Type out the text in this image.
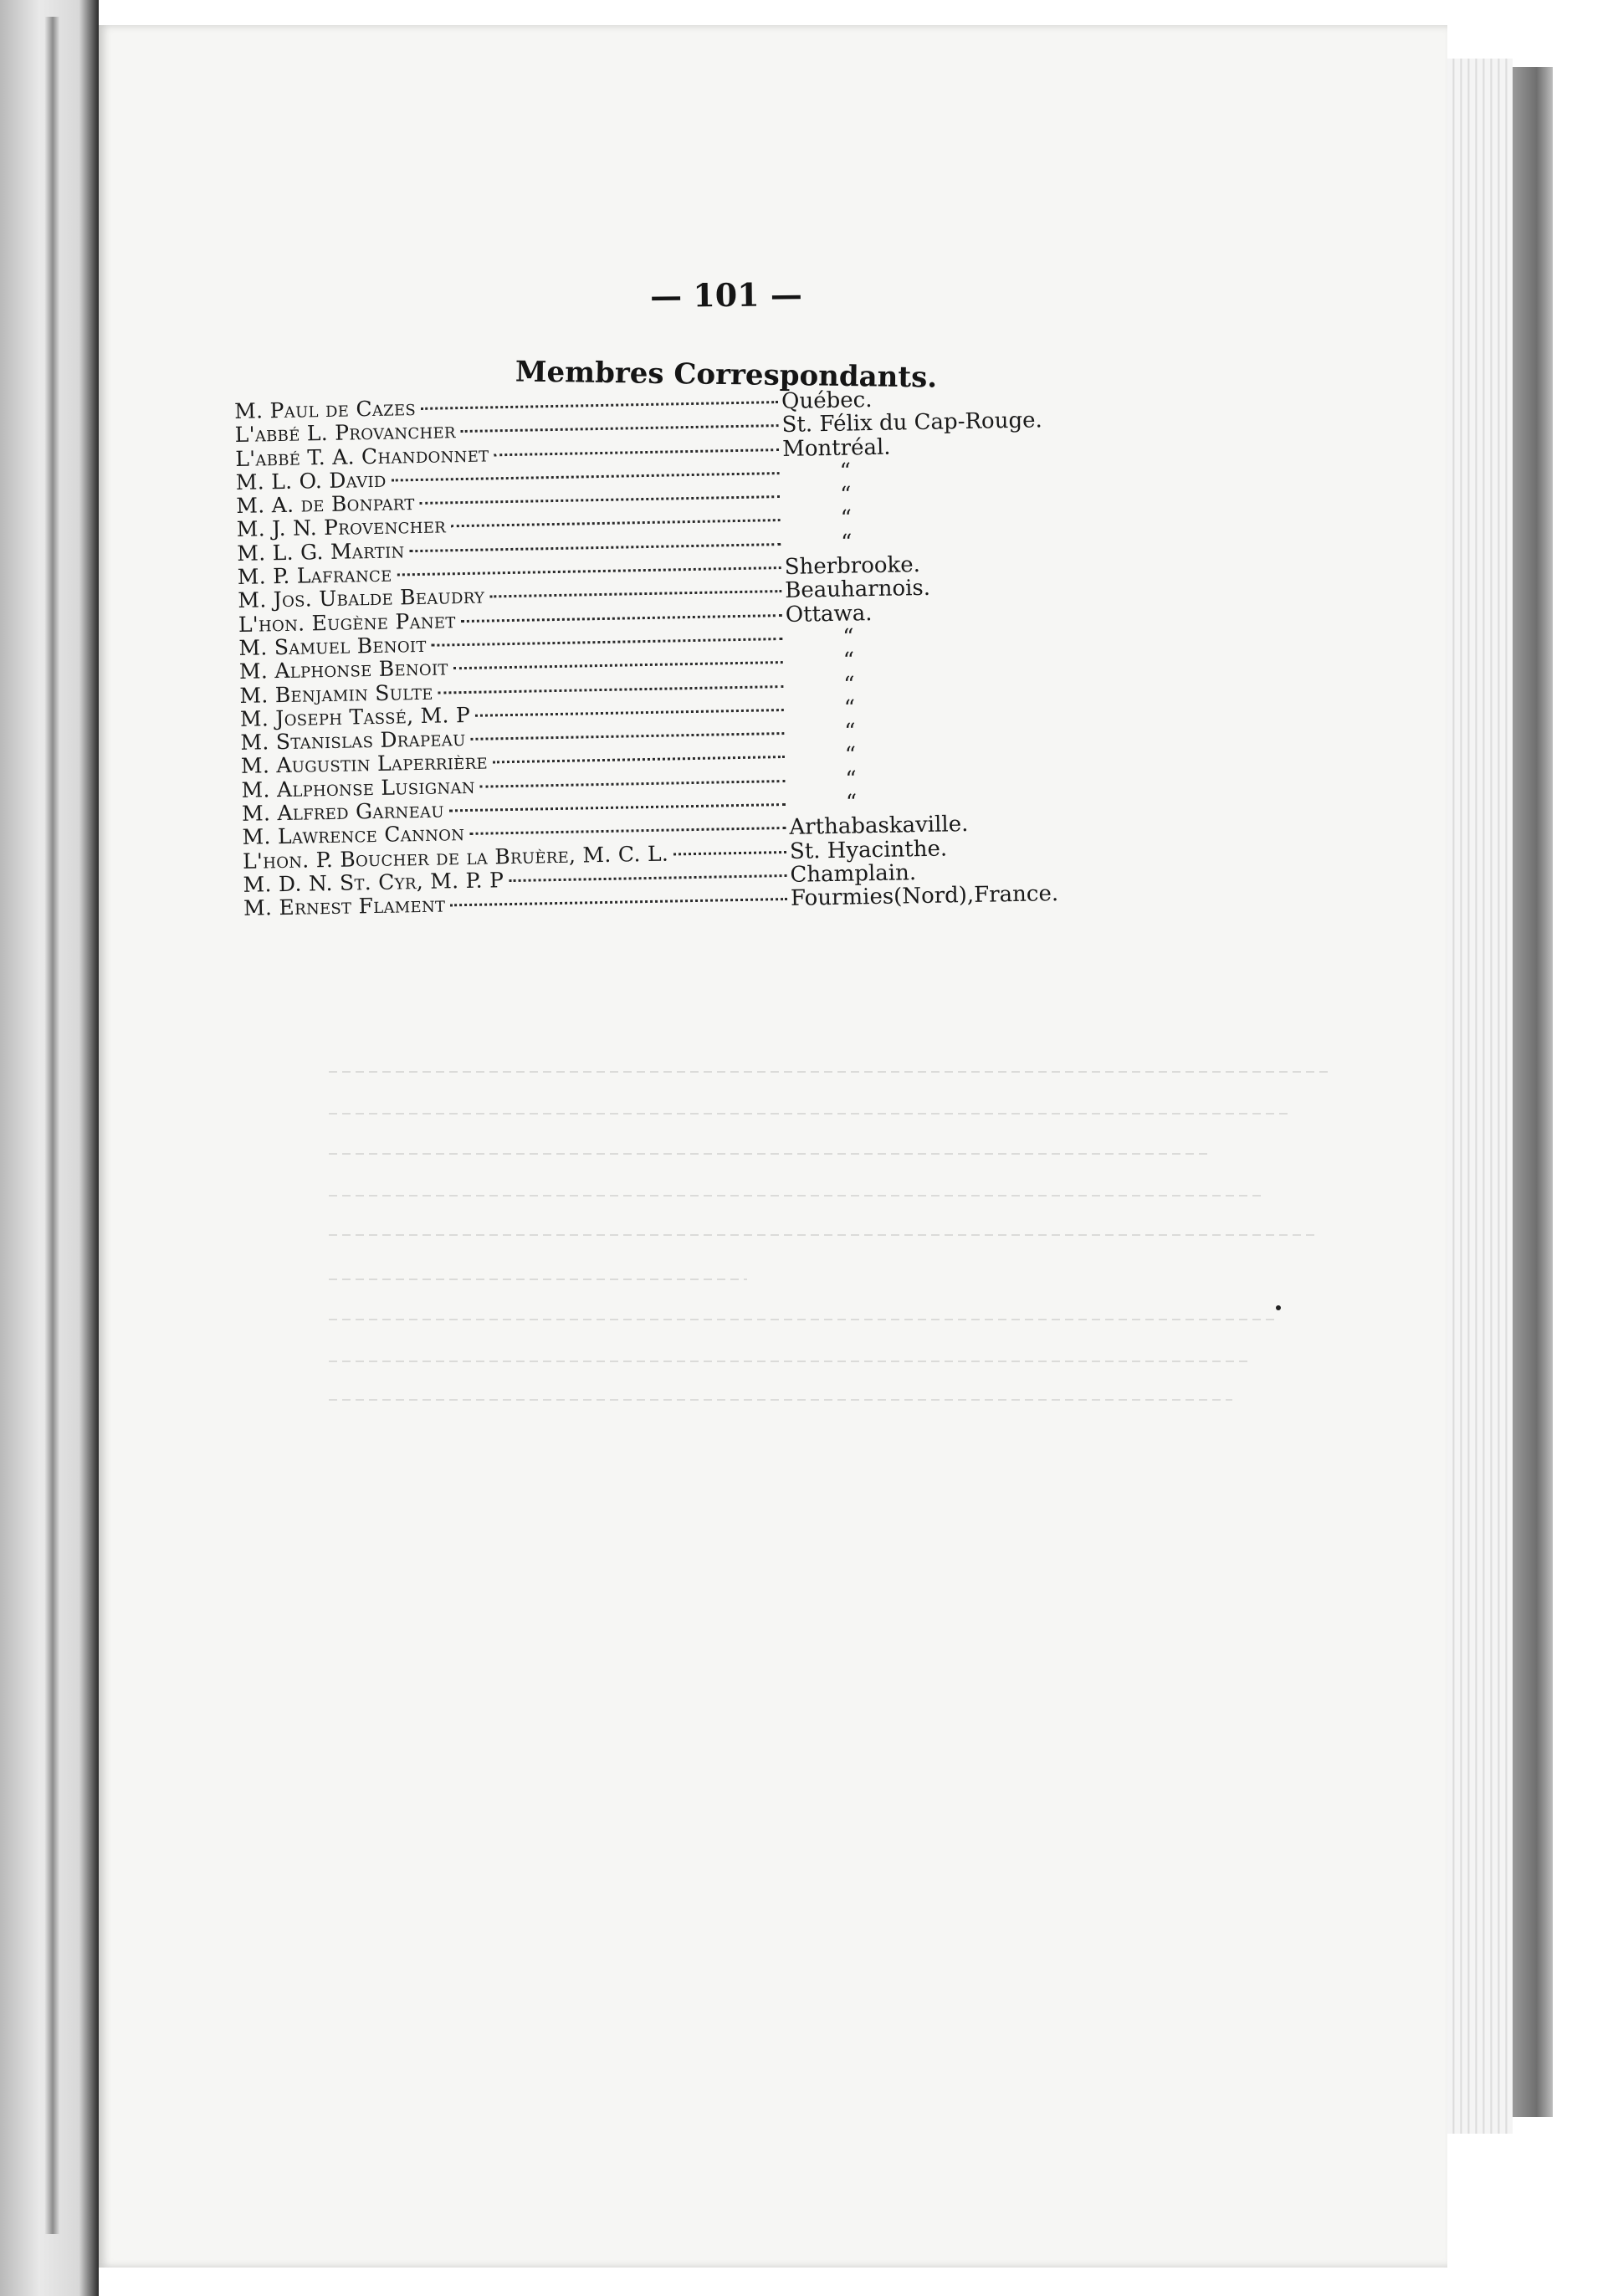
— 101 —
Membres Correspondants.
M. Paul de Cazes	Québec.
L'abbé L. Provancher	St. Félix du Cap-Rouge.
L'abbé T. A. Chandonnet	Montréal.
M. L. O. David	“
M. A. de Bonpart	“
M. J. N. Provencher	“
M. L. G. Martin	“
M. P. Lafrance	Sherbrooke.
M. Jos. Ubalde Beaudry	Beauharnois.
L'hon. Eugène Panet	Ottawa.
M. Samuel Benoit	“
M. Alphonse Benoit	“
M. Benjamin Sulte	“
M. Joseph Tassé, M. P	“
M. Stanislas Drapeau	“
M. Augustin Laperrière	“
M. Alphonse Lusignan	“
M. Alfred Garneau	“
M. Lawrence Cannon	Arthabaskaville.
L'hon. P. Boucher de la Bruère, M. C. L.	St. Hyacinthe.
M. D. N. St. Cyr, M. P. P	Champlain.
M. Ernest Flament	Fourmies(Nord),France.
